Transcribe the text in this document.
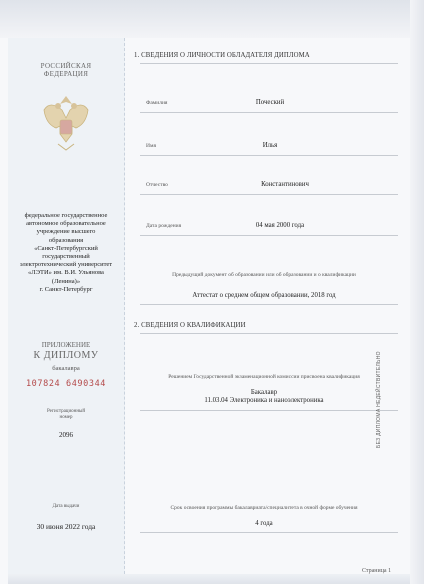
РОССИЙСКАЯ
ФЕДЕРАЦИЯ
федеральное государственное
автономное образовательное
учреждение высшего
образования
«Санкт-Петербургский
государственный
электротехнический университет
«ЛЭТИ» им. В.И. Ульянова
(Ленина)»
г. Санкт-Петербург
ПРИЛОЖЕНИЕ
К ДИПЛОМУ
бакалавра
107824 6490344
Регистрационный
номер
2096
Дата выдачи
30 июня 2022 года
1. СВЕДЕНИЯ О ЛИЧНОСТИ ОБЛАДАТЕЛЯ ДИПЛОМА
Фамилия	Поческий
Имя	Илья
Отчество	Константинович
Дата рождения	04 мая 2000 года
Предыдущий документ об образовании или об образовании и о квалификации
Аттестат о среднем общем образовании, 2018 год
2. СВЕДЕНИЯ О КВАЛИФИКАЦИИ
Решением Государственной экзаменационной комиссии присвоена квалификация
Бакалавр
11.03.04 Электроника и наноэлектроника
Срок освоения программы бакалавриата/специалитета в очной форме обучения
4 года
БЕЗ ДИПЛОМА НЕДЕЙСТВИТЕЛЬНО
Страница 1
